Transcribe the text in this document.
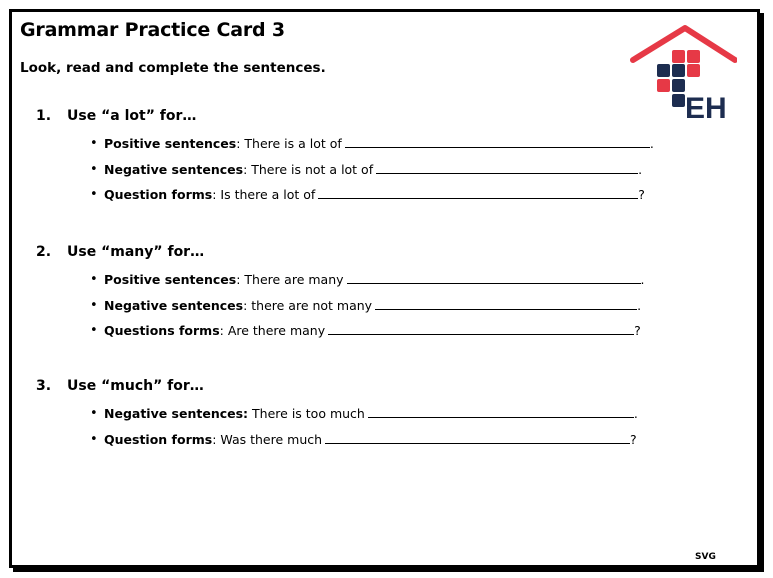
Grammar Practice Card 3

Look, read and complete the sentences.

EH

1.	Use “a lot” for…

• Positive sentences: There is a lot of	.
• Negative sentences: There is not a lot of	.
• Question forms: Is there a lot of	?

2.	Use “many” for…

• Positive sentences: There are many	.
• Negative sentences: there are not many	.
• Questions forms: Are there many	?

3.	Use “much” for…

• Negative sentences: There is too much	.
• Question forms: Was there much	?
SVG
